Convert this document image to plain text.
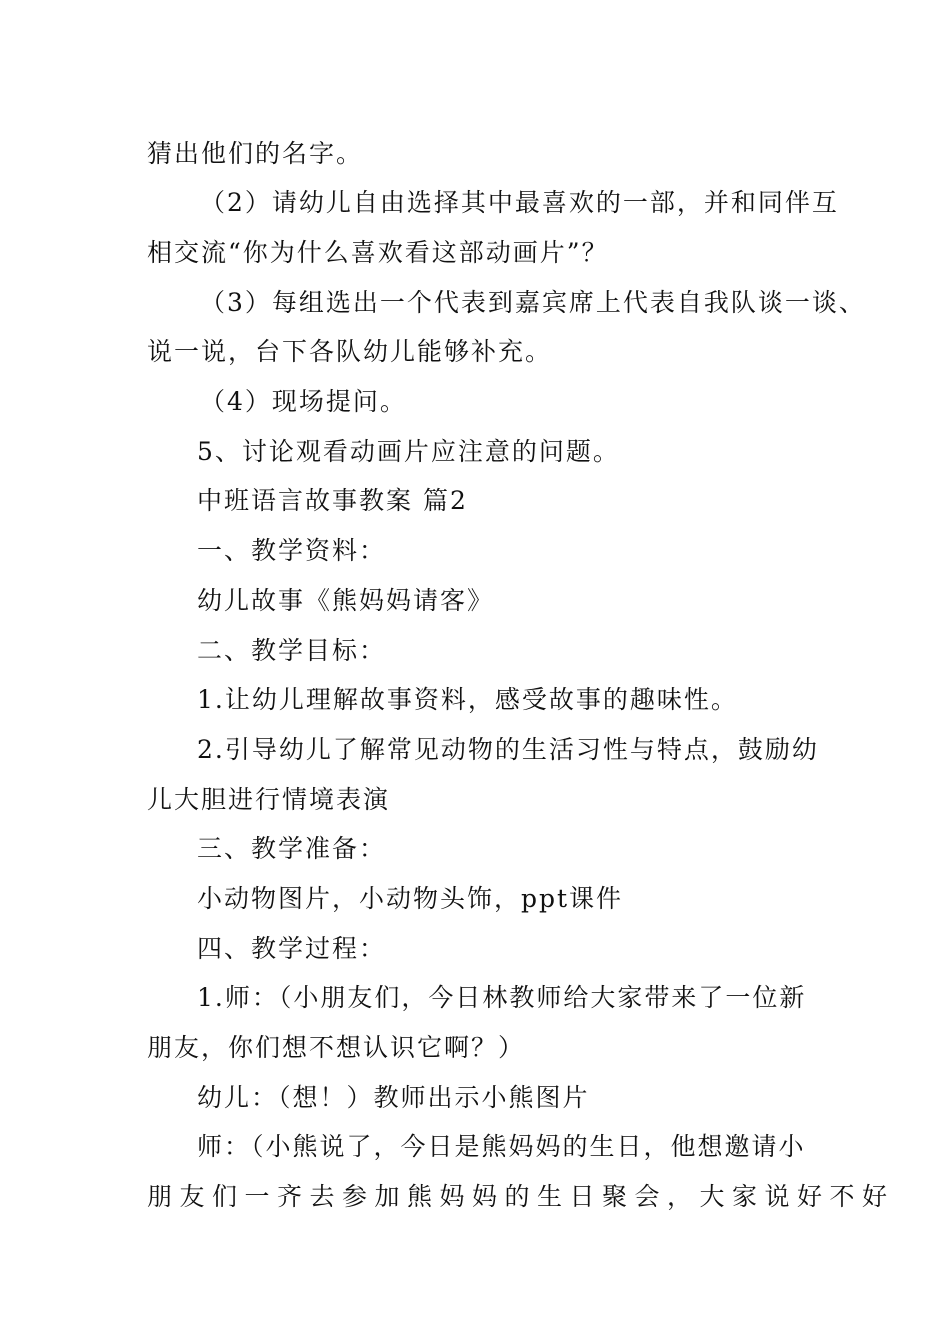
猜出他们的名字。
（2）请幼儿自由选择其中最喜欢的一部，并和同伴互
相交流“你为什么喜欢看这部动画片”？
（3）每组选出一个代表到嘉宾席上代表自我队谈一谈、
说一说，台下各队幼儿能够补充。
（4）现场提问。
5、讨论观看动画片应注意的问题。
中班语言故事教案 篇2
一、教学资料：
幼儿故事《熊妈妈请客》
二、教学目标：
1.让幼儿理解故事资料，感受故事的趣味性。
2.引导幼儿了解常见动物的生活习性与特点，鼓励幼
儿大胆进行情境表演
三、教学准备：
小动物图片，小动物头饰，ppt课件
四、教学过程：
1.师：（小朋友们，今日林教师给大家带来了一位新
朋友，你们想不想认识它啊？）
幼儿：（想！）教师出示小熊图片
师：（小熊说了，今日是熊妈妈的生日，他想邀请小
朋友们一齐去参加熊妈妈的生日聚会，大家说好不好
